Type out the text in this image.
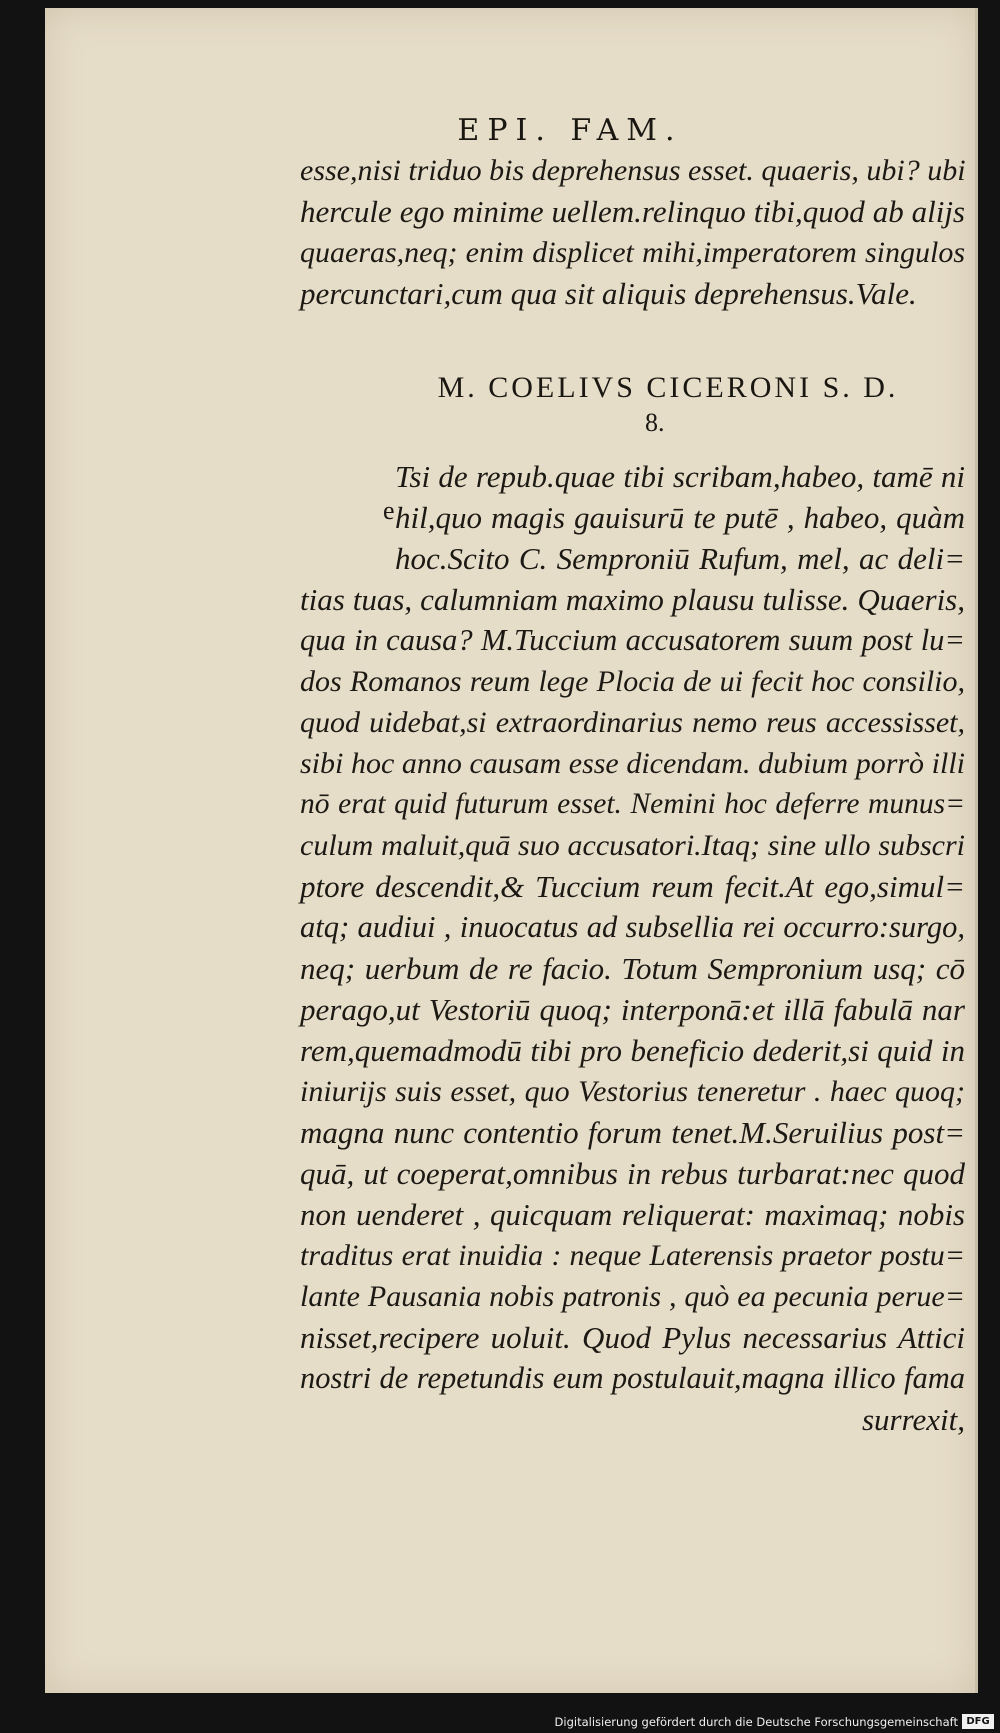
EPI. FAM.
esse,nisi triduo bis deprehensus esset. quaeris, ubi? ubi
hercule ego minime uellem.relinquo tibi,quod ab alijs
quaeras,neq; enim displicet mihi,imperatorem singulos
percunctari,cum qua sit aliquis deprehensus.Vale.
M. COELIVS CICERONI S. D.
8.
e
Tsi de repub.quae tibi scribam,habeo, tamē ni
hil,quo magis gauisurū te putē , habeo, quàm
hoc.Scito C. Semproniū Rufum, mel, ac deli=
tias tuas, calumniam maximo plausu tulisse. Quaeris,
qua in causa? M.Tuccium accusatorem suum post lu=
dos Romanos reum lege Plocia de ui fecit hoc consilio,
quod uidebat,si extraordinarius nemo reus accessisset,
sibi hoc anno causam esse dicendam. dubium porrò illi
nō erat quid futurum esset. Nemini hoc deferre munus=
culum maluit,quā suo accusatori.Itaq; sine ullo subscri
ptore descendit,& Tuccium reum fecit.At ego,simul=
atq; audiui , inuocatus ad subsellia rei occurro:surgo,
neq; uerbum de re facio. Totum Sempronium usq; cō
perago,ut Vestoriū quoq; interponā:et illā fabulā nar
rem,quemadmodū tibi pro beneficio dederit,si quid in
iniurijs suis esset, quo Vestorius teneretur . haec quoq;
magna nunc contentio forum tenet.M.Seruilius post=
quā, ut coeperat,omnibus in rebus turbarat:nec quod
non uenderet , quicquam reliquerat: maximaq; nobis
traditus erat inuidia : neque Laterensis praetor postu=
lante Pausania nobis patronis , quò ea pecunia perue=
nisset,recipere uoluit. Quod Pylus necessarius Attici
nostri de repetundis eum postulauit,magna illico fama
surrexit,
Digitalisierung gefördert durch die Deutsche Forschungsgemeinschaft DFG
